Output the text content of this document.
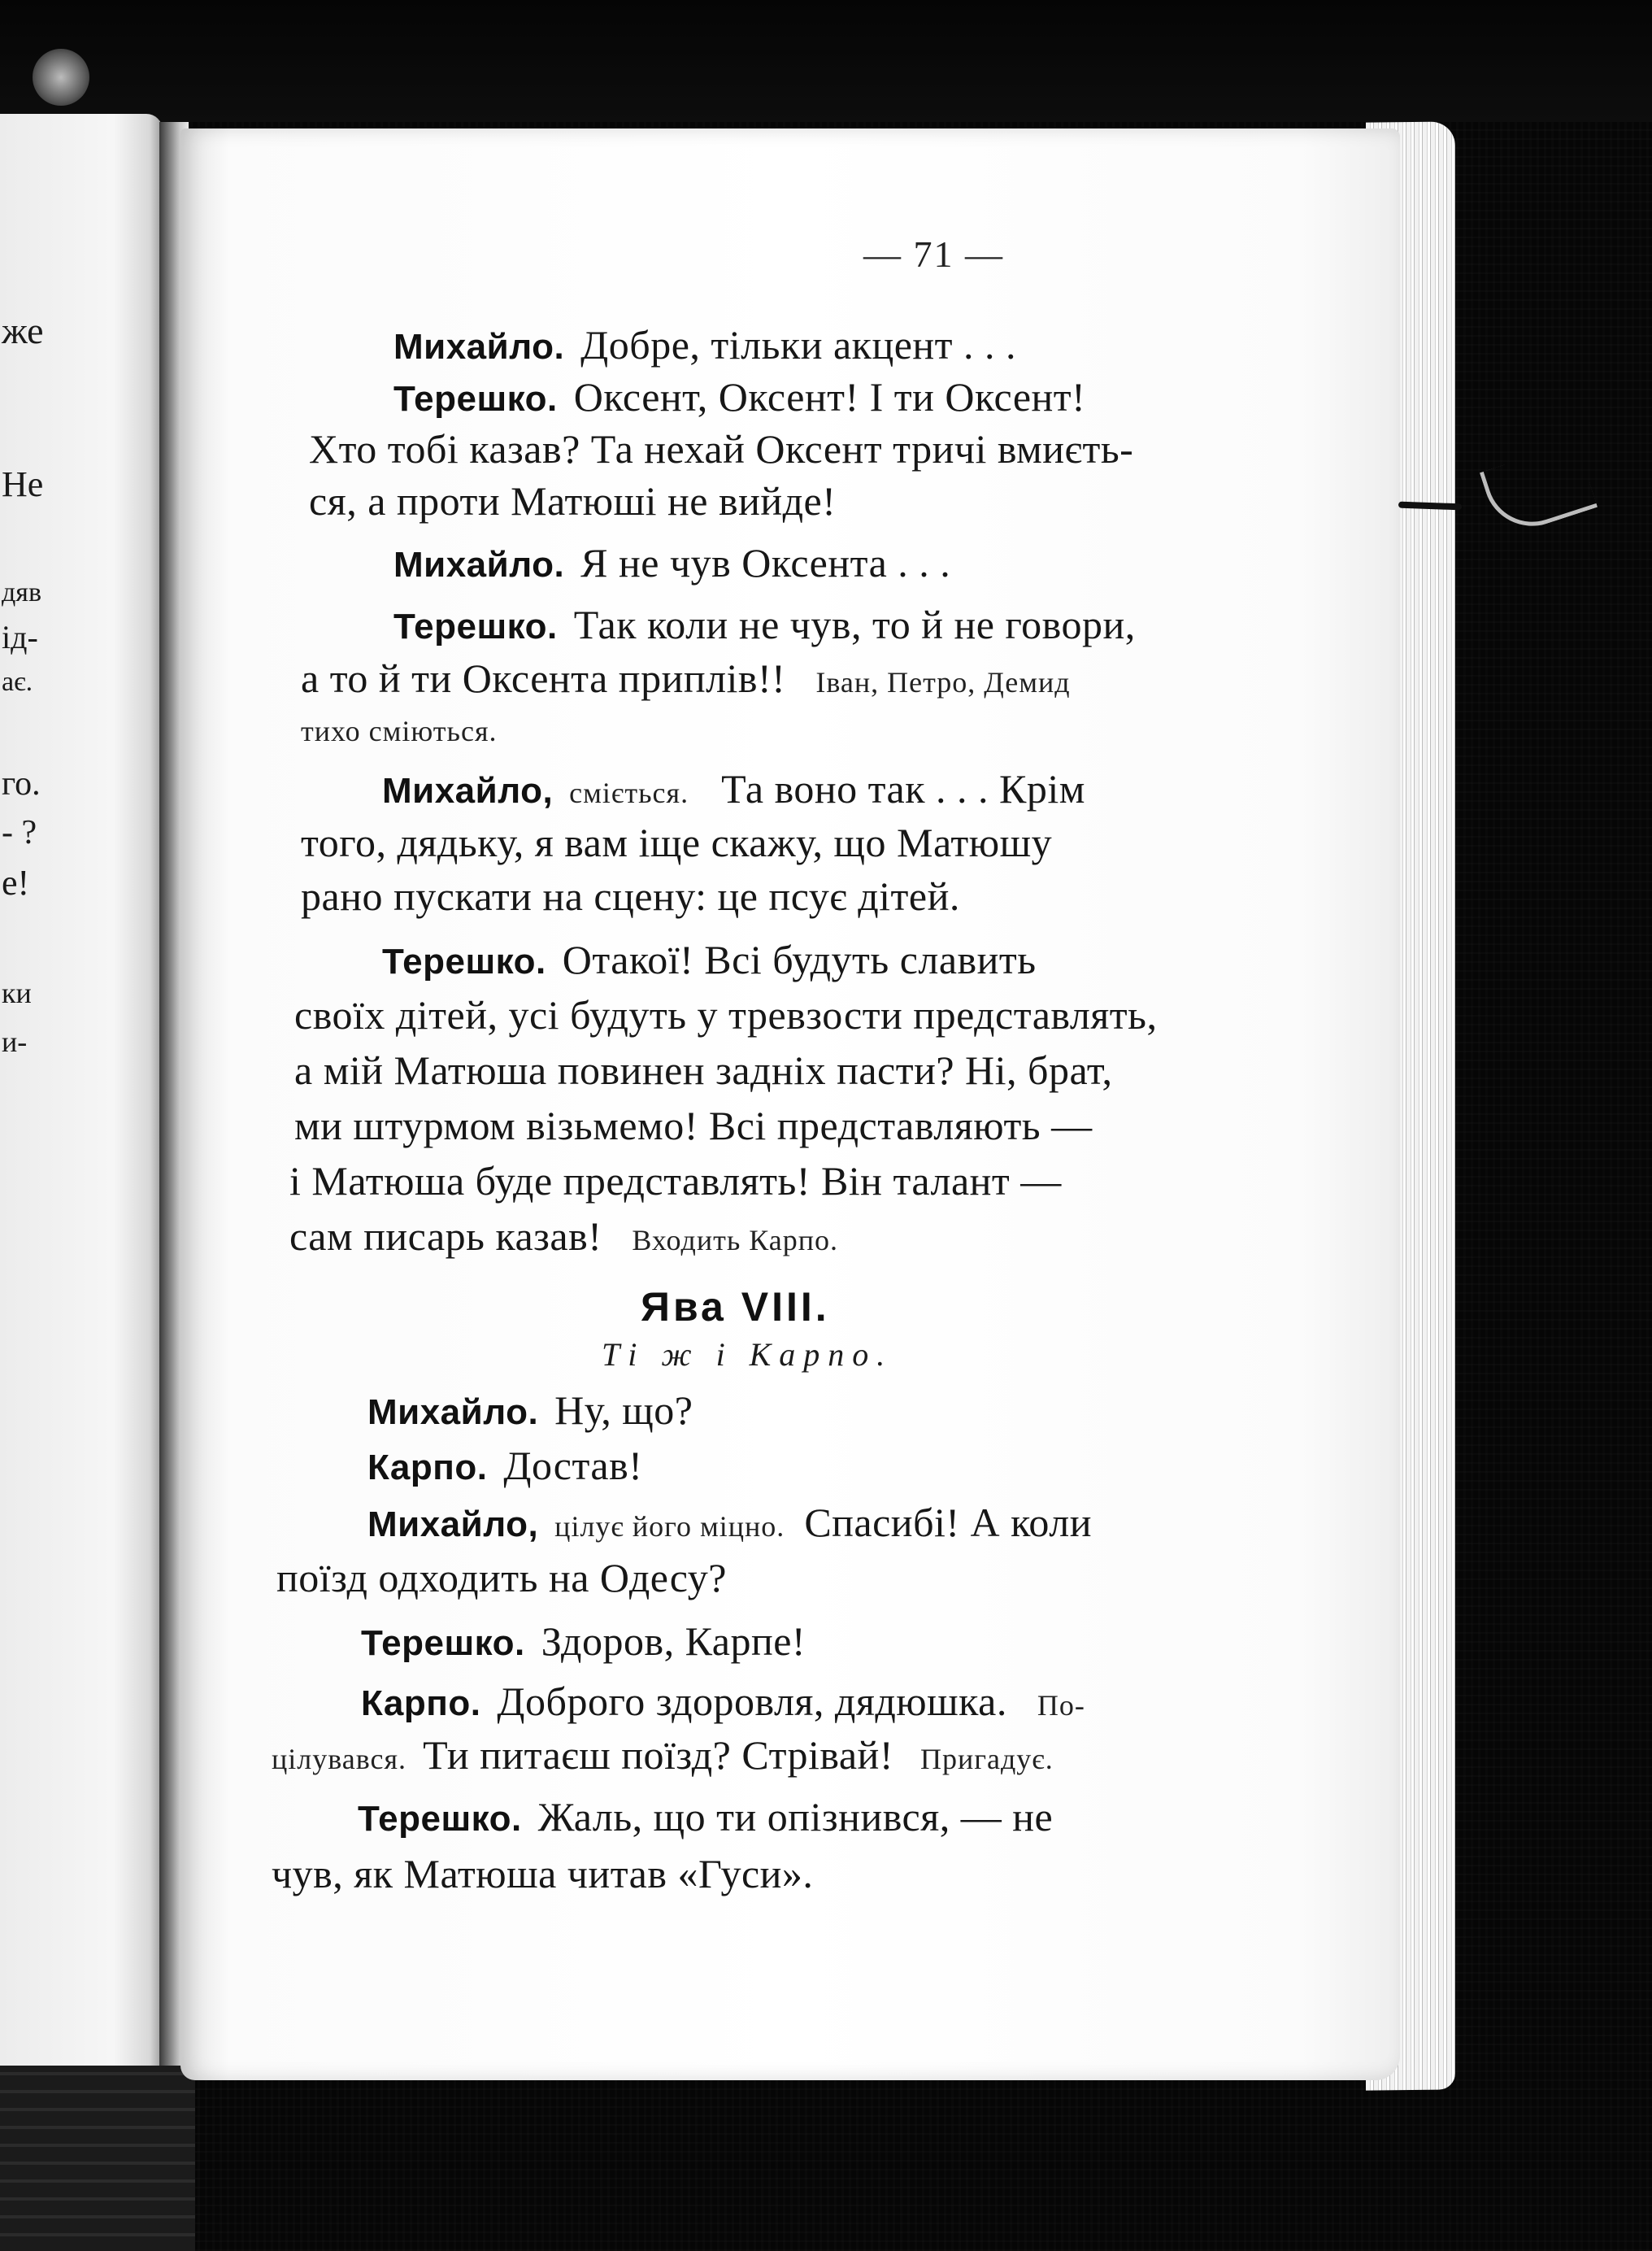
же
Не
дяв
ід-
ає.
го.
- ?
е!
ки
и-
— 71 —
Михайло. Добре, тільки акцент . . .
Терешко. Оксент, Оксент! І ти Оксент!
Хто тобі казав? Та нехай Оксент тричі вмиєть-
ся, а проти Матюші не вийде!
Михайло. Я не чув Оксента . . .
Терешко. Так коли не чув, то й не говори,
а то й ти Оксента приплів!! Іван, Петро, Демид
тихо сміються.
Михайло, сміється. Та воно так . . . Крім
того, дядьку, я вам іще скажу, що Матюшу
рано пускати на сцену: це псує дітей.
Терешко. Отакої! Всі будуть славить
своїх дітей, усі будуть у тревзости представлять,
а мій Матюша повинен задніх пасти? Ні, брат,
ми штурмом візьмемо! Всі представляють —
і Матюша буде представлять! Він талант —
сам писарь казав! Входить Карпо.
Ява VIII.
Ті ж і Карпо.
Михайло. Ну, що?
Карпо. Достав!
Михайло, цілує його міцно. Спасибі! А коли
поїзд одходить на Одесу?
Терешко. Здоров, Карпе!
Карпо. Доброго здоровля, дядюшка. По-
цілувався. Ти питаєш поїзд? Стрівай! Пригадує.
Терешко. Жаль, що ти опізнився, — не
чув, як Матюша читав «Гуси».
